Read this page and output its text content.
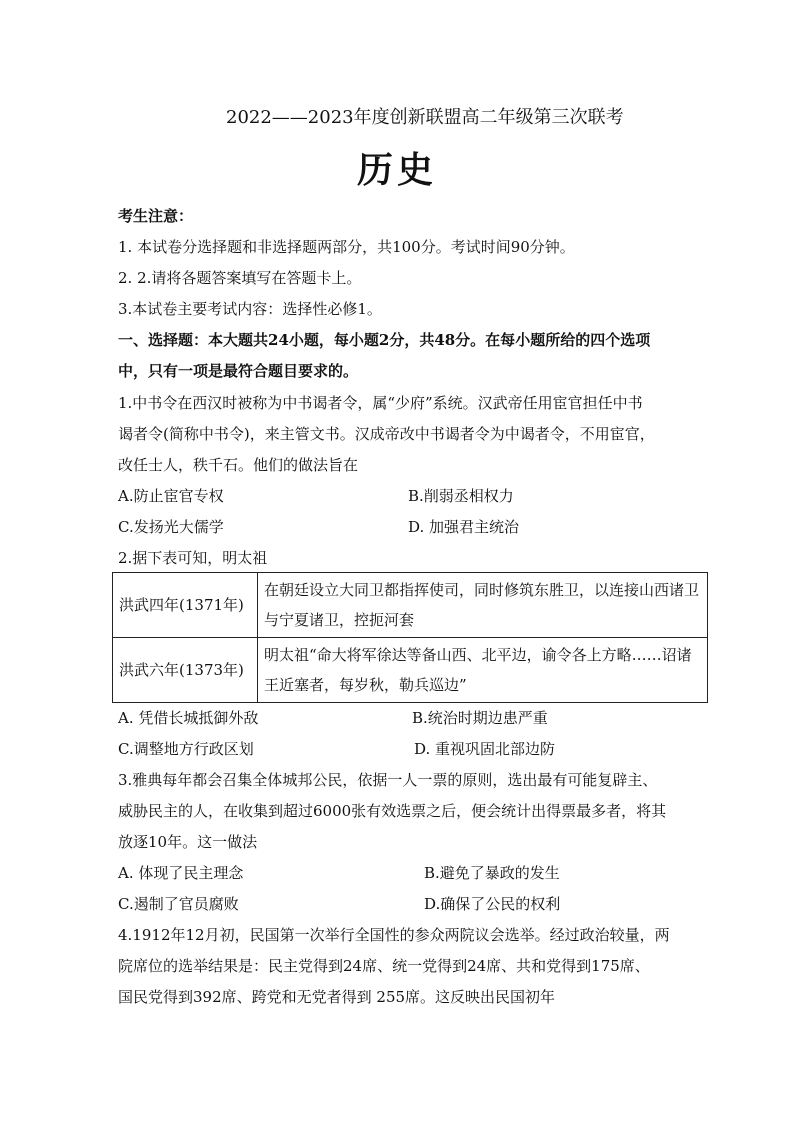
2022——2023年度创新联盟高二年级第三次联考
历史
考生注意：
1. 本试卷分选择题和非选择题两部分，共100分。考试时间90分钟。
2. 2.请将各题答案填写在答题卡上。
3.本试卷主要考试内容：选择性必修1。
一、选择题：本大题共24小题，每小题2分，共48分。在每小题所给的四个选项
中，只有一项是最符合题目要求的。
1.中书令在西汉时被称为中书谒者令，属“少府”系统。汉武帝任用宦官担任中书
谒者令(简称中书令)，来主管文书。汉成帝改中书谒者令为中谒者令，不用宦官，
改任士人，秩千石。他们的做法旨在
A.防止宦官专权	B.削弱丞相权力
C.发扬光大儒学	D. 加强君主统治
2.据下表可知，明太祖
洪武四年(1371年)	在朝廷设立大同卫都指挥使司，同时修筑东胜卫，以连接山西诸卫与宁夏诸卫，控扼河套
洪武六年(1373年)	明太祖“命大将军徐达等备山西、北平边，谕令各上方略……诏诸王近塞者，每岁秋，勒兵巡边”
A. 凭借长城抵御外敌	B.统治时期边患严重
C.调整地方行政区划	D. 重视巩固北部边防
3.雅典每年都会召集全体城邦公民，依据一人一票的原则，选出最有可能复辟主、
威胁民主的人，在收集到超过6000张有效选票之后，便会统计出得票最多者，将其
放逐10年。这一做法
A. 体现了民主理念	B.避免了暴政的发生
C.遏制了官员腐败	D.确保了公民的权利
4.1912年12月初，民国第一次举行全国性的参众两院议会选举。经过政治较量，两
院席位的选举结果是：民主党得到24席、统一党得到24席、共和党得到175席、
国民党得到392席、跨党和无党者得到 255席。这反映出民国初年
